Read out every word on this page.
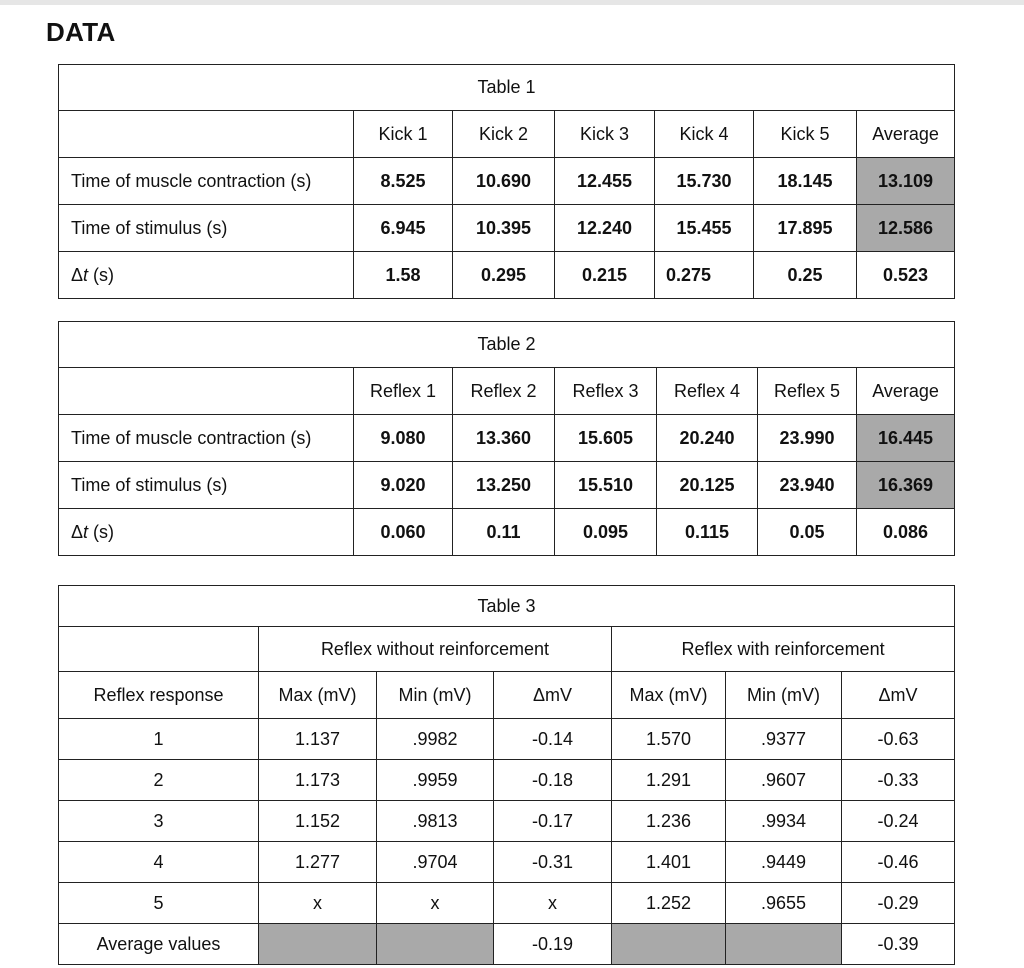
DATA
Table 1						
	Kick 1	Kick 2	Kick 3	Kick 4	Kick 5	Average
Time of muscle contraction (s)	8.525	10.690	12.455	15.730	18.145	13.109
Time of stimulus (s)	6.945	10.395	12.240	15.455	17.895	12.586
Δt (s)	1.58	0.295	0.215	0.275	0.25	0.523
Table 2						
	Reflex 1	Reflex 2	Reflex 3	Reflex 4	Reflex 5	Average
Time of muscle contraction (s)	9.080	13.360	15.605	20.240	23.990	16.445
Time of stimulus (s)	9.020	13.250	15.510	20.125	23.940	16.369
Δt (s)	0.060	0.11	0.095	0.115	0.05	0.086
Table 3						
	Reflex without reinforcement			Reflex with reinforcement		
Reflex response	Max (mV)	Min (mV)	ΔmV	Max (mV)	Min (mV)	ΔmV
1	1.137	.9982	-0.14	1.570	.9377	-0.63
2	1.173	.9959	-0.18	1.291	.9607	-0.33
3	1.152	.9813	-0.17	1.236	.9934	-0.24
4	1.277	.9704	-0.31	1.401	.9449	-0.46
5	x	x	x	1.252	.9655	-0.29
Average values			-0.19			-0.39
